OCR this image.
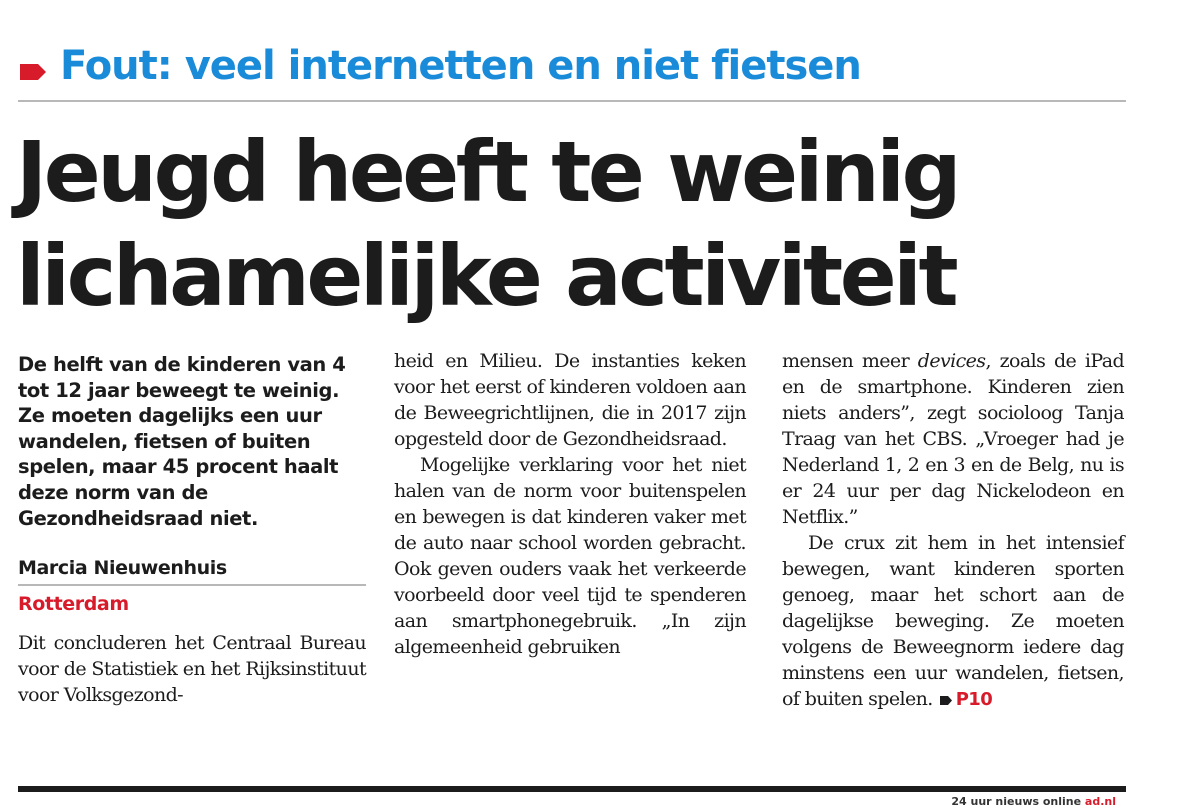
Fout: veel internetten en niet fietsen
Jeugd heeft te weinig
lichamelijke activiteit

De helft van de kinderen van 4 tot 12 jaar beweegt te weinig. Ze moeten dagelijks een uur wandelen, fietsen of buiten spelen, maar 45 procent haalt deze norm van de Gezondheidsraad niet.

Marcia Nieuwenhuis
Rotterdam

Dit concluderen het Centraal Bureau voor de Statistiek en het Rijksinstituut voor Volksgezond-

heid en Milieu. De instanties keken voor het eerst of kinderen voldoen aan de Beweegrichtlijnen, die in 2017 zijn opgesteld door de Gezondheidsraad.

Mogelijke verklaring voor het niet halen van de norm voor buitenspelen en bewegen is dat kinderen vaker met de auto naar school worden gebracht. Ook geven ouders vaak het verkeerde voorbeeld door veel tijd te spenderen aan smartphonegebruik. „In zijn algemeenheid gebruiken

mensen meer devices, zoals de iPad en de smartphone. Kinderen zien niets anders”, zegt socioloog Tanja Traag van het CBS. „Vroeger had je Nederland 1, 2 en 3 en de Belg, nu is er 24 uur per dag Nickelodeon en Netflix.”

De crux zit hem in het intensief bewegen, want kinderen sporten genoeg, maar het schort aan de dagelijkse beweging. Ze moeten volgens de Beweegnorm iedere dag minstens een uur wandelen, fietsen, of buiten spelen. P10

24 uur nieuws online ad.nl
